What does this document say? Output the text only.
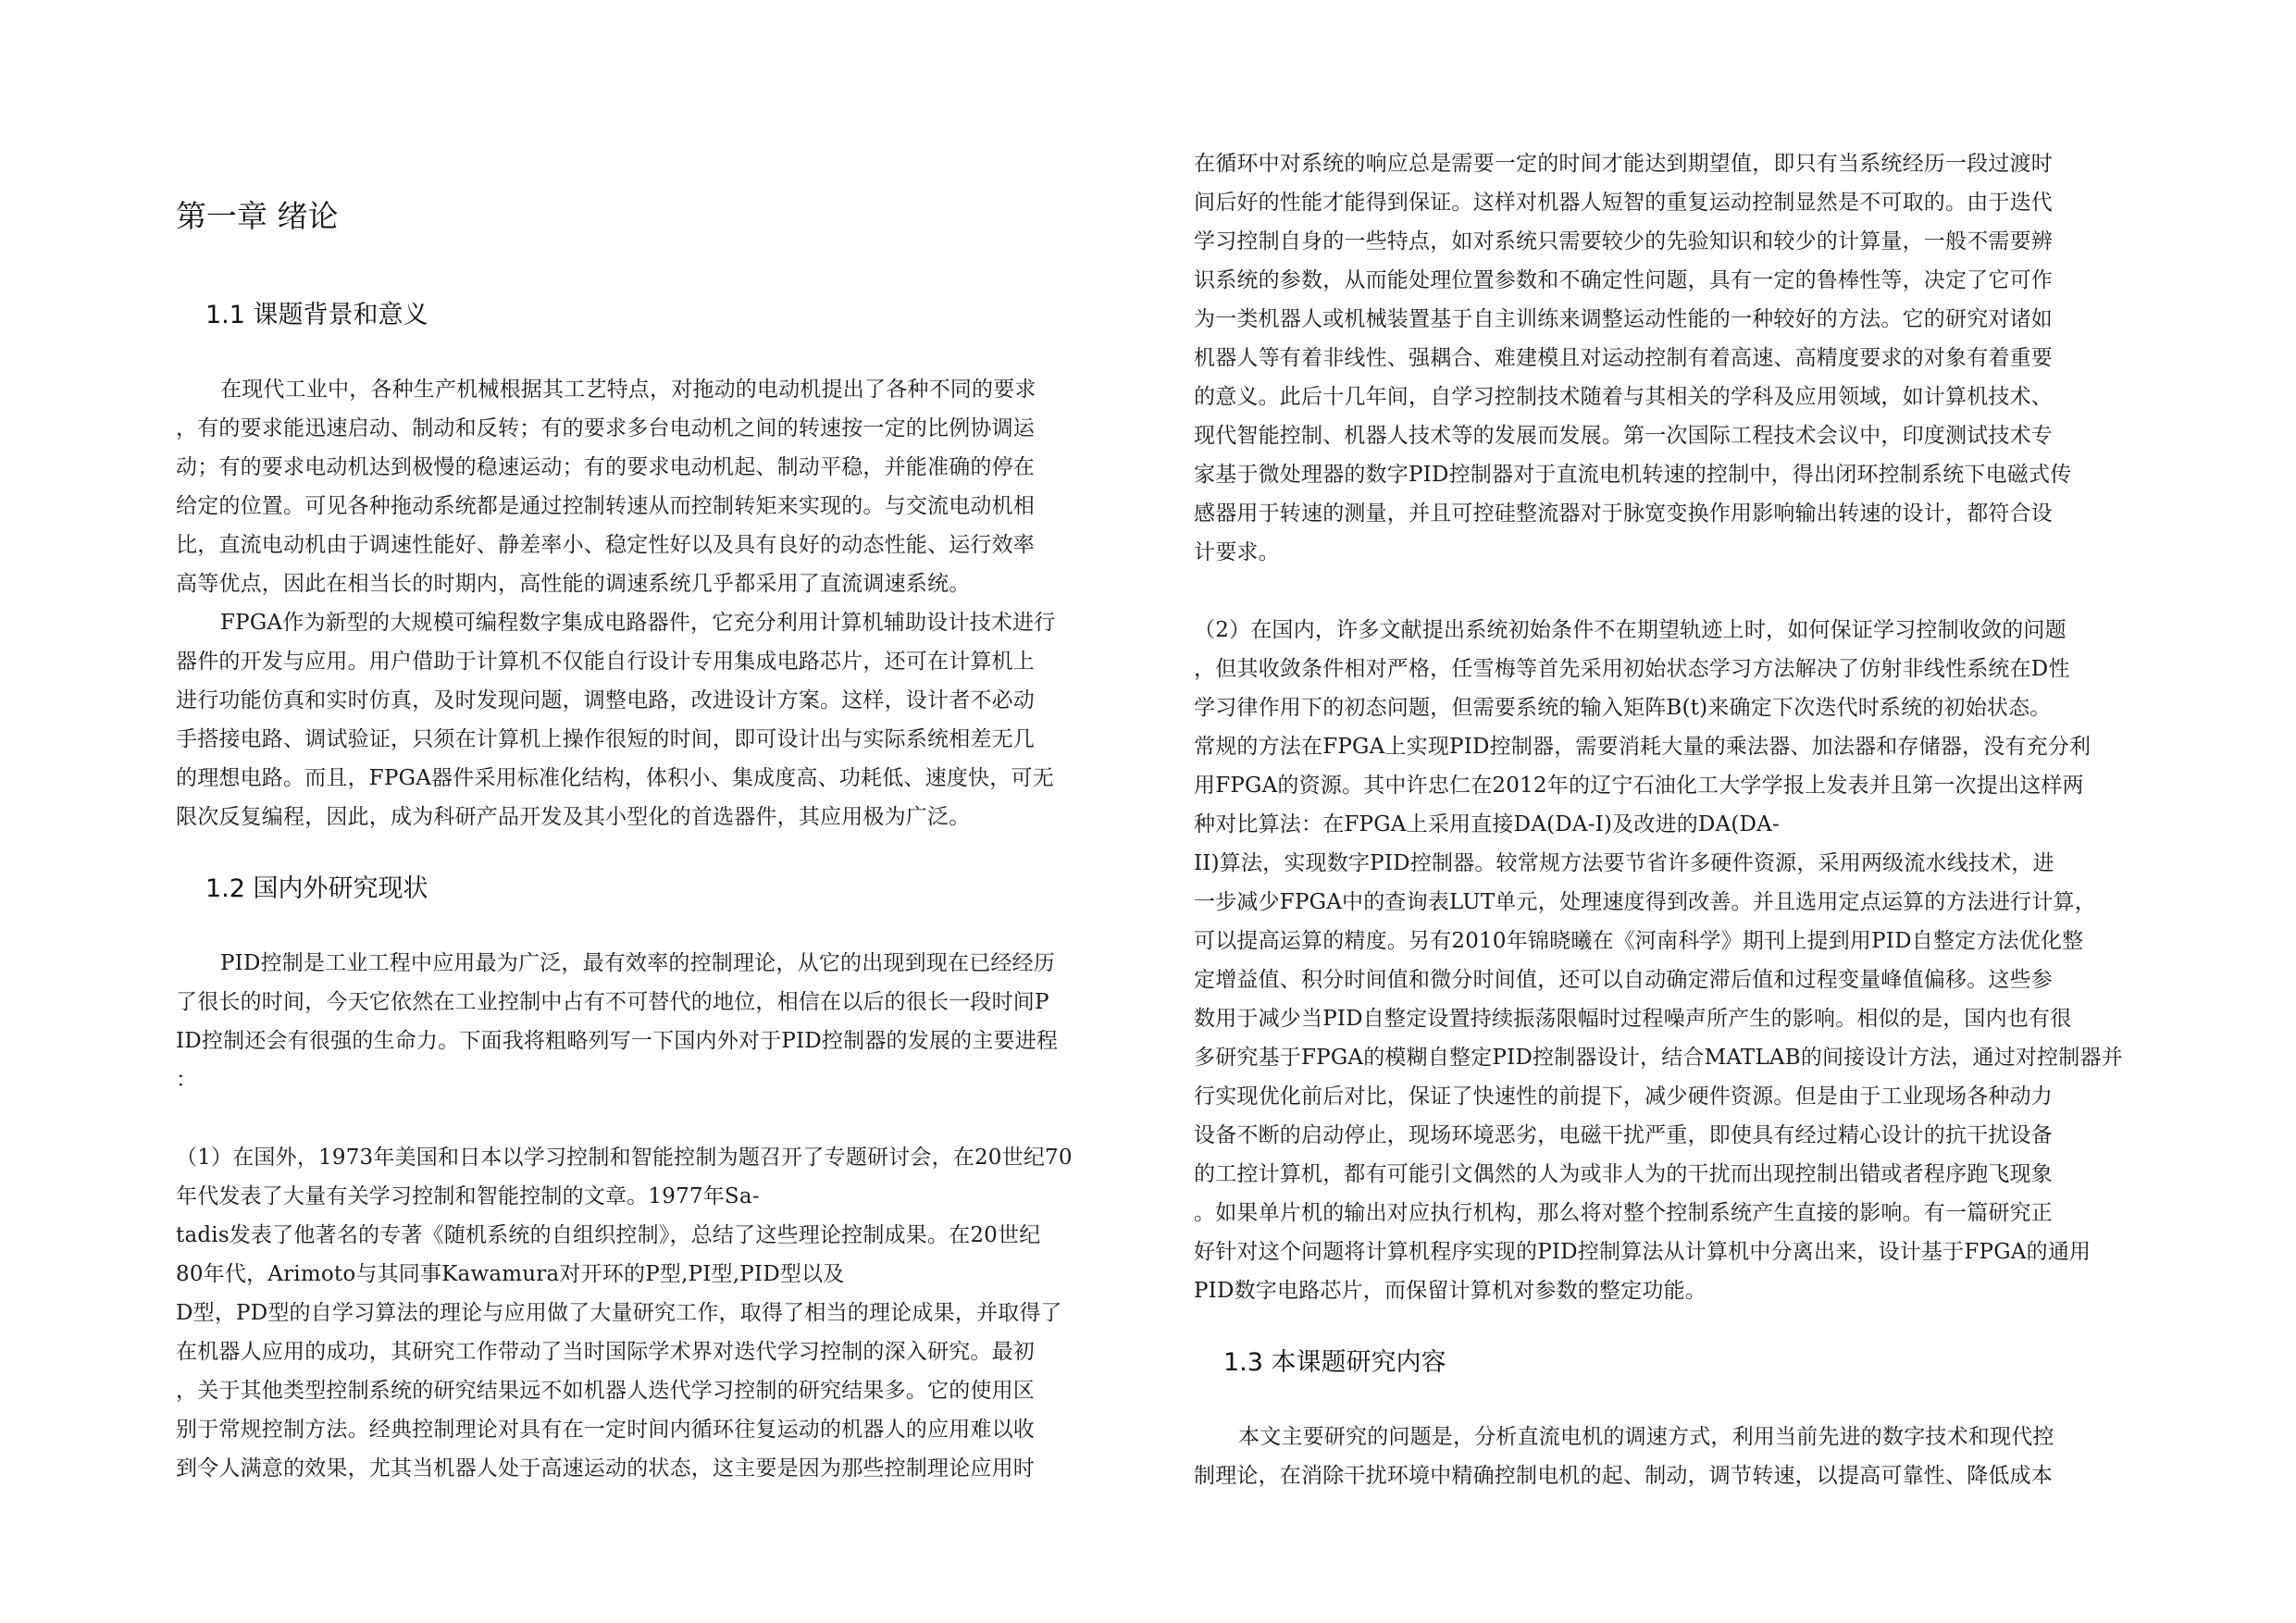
第一章 绪论
1.1 课题背景和意义
在现代工业中，各种生产机械根据其工艺特点，对拖动的电动机提出了各种不同的要求
，有的要求能迅速启动、制动和反转；有的要求多台电动机之间的转速按一定的比例协调运
动；有的要求电动机达到极慢的稳速运动；有的要求电动机起、制动平稳，并能准确的停在
给定的位置。可见各种拖动系统都是通过控制转速从而控制转矩来实现的。与交流电动机相
比，直流电动机由于调速性能好、静差率小、稳定性好以及具有良好的动态性能、运行效率
高等优点，因此在相当长的时期内，高性能的调速系统几乎都采用了直流调速系统。
FPGA作为新型的大规模可编程数字集成电路器件，它充分利用计算机辅助设计技术进行
器件的开发与应用。用户借助于计算机不仅能自行设计专用集成电路芯片，还可在计算机上
进行功能仿真和实时仿真，及时发现问题，调整电路，改进设计方案。这样，设计者不必动
手搭接电路、调试验证，只须在计算机上操作很短的时间，即可设计出与实际系统相差无几
的理想电路。而且，FPGA器件采用标准化结构，体积小、集成度高、功耗低、速度快，可无
限次反复编程，因此，成为科研产品开发及其小型化的首选器件，其应用极为广泛。
1.2 国内外研究现状
PID控制是工业工程中应用最为广泛，最有效率的控制理论，从它的出现到现在已经经历
了很长的时间，今天它依然在工业控制中占有不可替代的地位，相信在以后的很长一段时间P
ID控制还会有很强的生命力。下面我将粗略列写一下国内外对于PID控制器的发展的主要进程
：
（1）在国外，1973年美国和日本以学习控制和智能控制为题召开了专题研讨会，在20世纪70
年代发表了大量有关学习控制和智能控制的文章。1977年Sa-
tadis发表了他著名的专著《随机系统的自组织控制》，总结了这些理论控制成果。在20世纪
80年代，Arimoto与其同事Kawamura对开环的P型,PI型,PID型以及
D型，PD型的自学习算法的理论与应用做了大量研究工作，取得了相当的理论成果，并取得了
在机器人应用的成功，其研究工作带动了当时国际学术界对迭代学习控制的深入研究。最初
，关于其他类型控制系统的研究结果远不如机器人迭代学习控制的研究结果多。它的使用区
别于常规控制方法。经典控制理论对具有在一定时间内循环往复运动的机器人的应用难以收
到令人满意的效果，尤其当机器人处于高速运动的状态，这主要是因为那些控制理论应用时
在循环中对系统的响应总是需要一定的时间才能达到期望值，即只有当系统经历一段过渡时
间后好的性能才能得到保证。这样对机器人短智的重复运动控制显然是不可取的。由于迭代
学习控制自身的一些特点，如对系统只需要较少的先验知识和较少的计算量，一般不需要辨
识系统的参数，从而能处理位置参数和不确定性问题，具有一定的鲁棒性等，决定了它可作
为一类机器人或机械装置基于自主训练来调整运动性能的一种较好的方法。它的研究对诸如
机器人等有着非线性、强耦合、难建模且对运动控制有着高速、高精度要求的对象有着重要
的意义。此后十几年间，自学习控制技术随着与其相关的学科及应用领域，如计算机技术、
现代智能控制、机器人技术等的发展而发展。第一次国际工程技术会议中，印度测试技术专
家基于微处理器的数字PID控制器对于直流电机转速的控制中，得出闭环控制系统下电磁式传
感器用于转速的测量，并且可控硅整流器对于脉宽变换作用影响输出转速的设计，都符合设
计要求。
（2）在国内，许多文献提出系统初始条件不在期望轨迹上时，如何保证学习控制收敛的问题
，但其收敛条件相对严格，任雪梅等首先采用初始状态学习方法解决了仿射非线性系统在D性
学习律作用下的初态问题，但需要系统的输入矩阵B(t)来确定下次迭代时系统的初始状态。
常规的方法在FPGA上实现PID控制器，需要消耗大量的乘法器、加法器和存储器，没有充分利
用FPGA的资源。其中许忠仁在2012年的辽宁石油化工大学学报上发表并且第一次提出这样两
种对比算法：在FPGA上采用直接DA(DA-I)及改进的DA(DA-
II)算法，实现数字PID控制器。较常规方法要节省许多硬件资源，采用两级流水线技术，进
一步减少FPGA中的查询表LUT单元，处理速度得到改善。并且选用定点运算的方法进行计算，
可以提高运算的精度。另有2010年锦晓曦在《河南科学》期刊上提到用PID自整定方法优化整
定增益值、积分时间值和微分时间值，还可以自动确定滞后值和过程变量峰值偏移。这些参
数用于减少当PID自整定设置持续振荡限幅时过程噪声所产生的影响。相似的是，国内也有很
多研究基于FPGA的模糊自整定PID控制器设计，结合MATLAB的间接设计方法，通过对控制器并
行实现优化前后对比，保证了快速性的前提下，减少硬件资源。但是由于工业现场各种动力
设备不断的启动停止，现场环境恶劣，电磁干扰严重，即使具有经过精心设计的抗干扰设备
的工控计算机，都有可能引文偶然的人为或非人为的干扰而出现控制出错或者程序跑飞现象
。如果单片机的输出对应执行机构，那么将对整个控制系统产生直接的影响。有一篇研究正
好针对这个问题将计算机程序实现的PID控制算法从计算机中分离出来，设计基于FPGA的通用
PID数字电路芯片，而保留计算机对参数的整定功能。
1.3 本课题研究内容
本文主要研究的问题是，分析直流电机的调速方式，利用当前先进的数字技术和现代控
制理论，在消除干扰环境中精确控制电机的起、制动，调节转速，以提高可靠性、降低成本
